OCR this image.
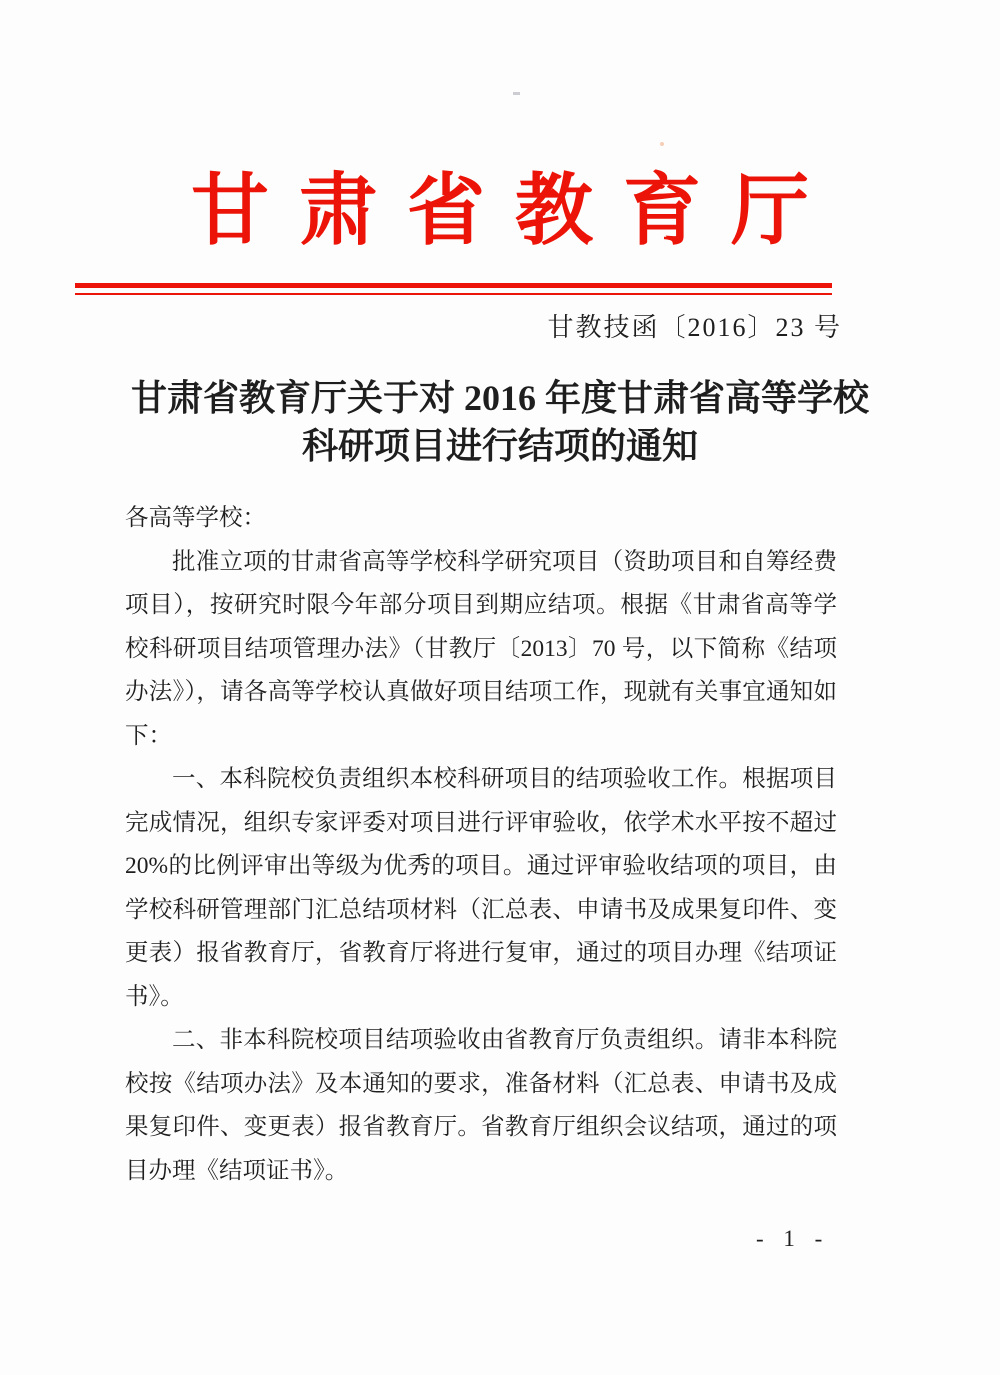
甘肃省教育厅
甘教技函〔2016〕23 号
甘肃省教育厅关于对 2016 年度甘肃省高等学校
科研项目进行结项的通知

各高等学校：

批准立项的甘肃省高等学校科学研究项目（资助项目和自筹经费项目），按研究时限今年部分项目到期应结项。根据《甘肃省高等学校科研项目结项管理办法》（甘教厅〔2013〕70 号，以下简称《结项办法》），请各高等学校认真做好项目结项工作，现就有关事宜通知如下：

一、本科院校负责组织本校科研项目的结项验收工作。根据项目完成情况，组织专家评委对项目进行评审验收，依学术水平按不超过 20%的比例评审出等级为优秀的项目。通过评审验收结项的项目，由学校科研管理部门汇总结项材料（汇总表、申请书及成果复印件、变更表）报省教育厅，省教育厅将进行复审，通过的项目办理《结项证书》。

二、非本科院校项目结项验收由省教育厅负责组织。请非本科院校按《结项办法》及本通知的要求，准备材料（汇总表、申请书及成果复印件、变更表）报省教育厅。省教育厅组织会议结项，通过的项目办理《结项证书》。

- 1 -
